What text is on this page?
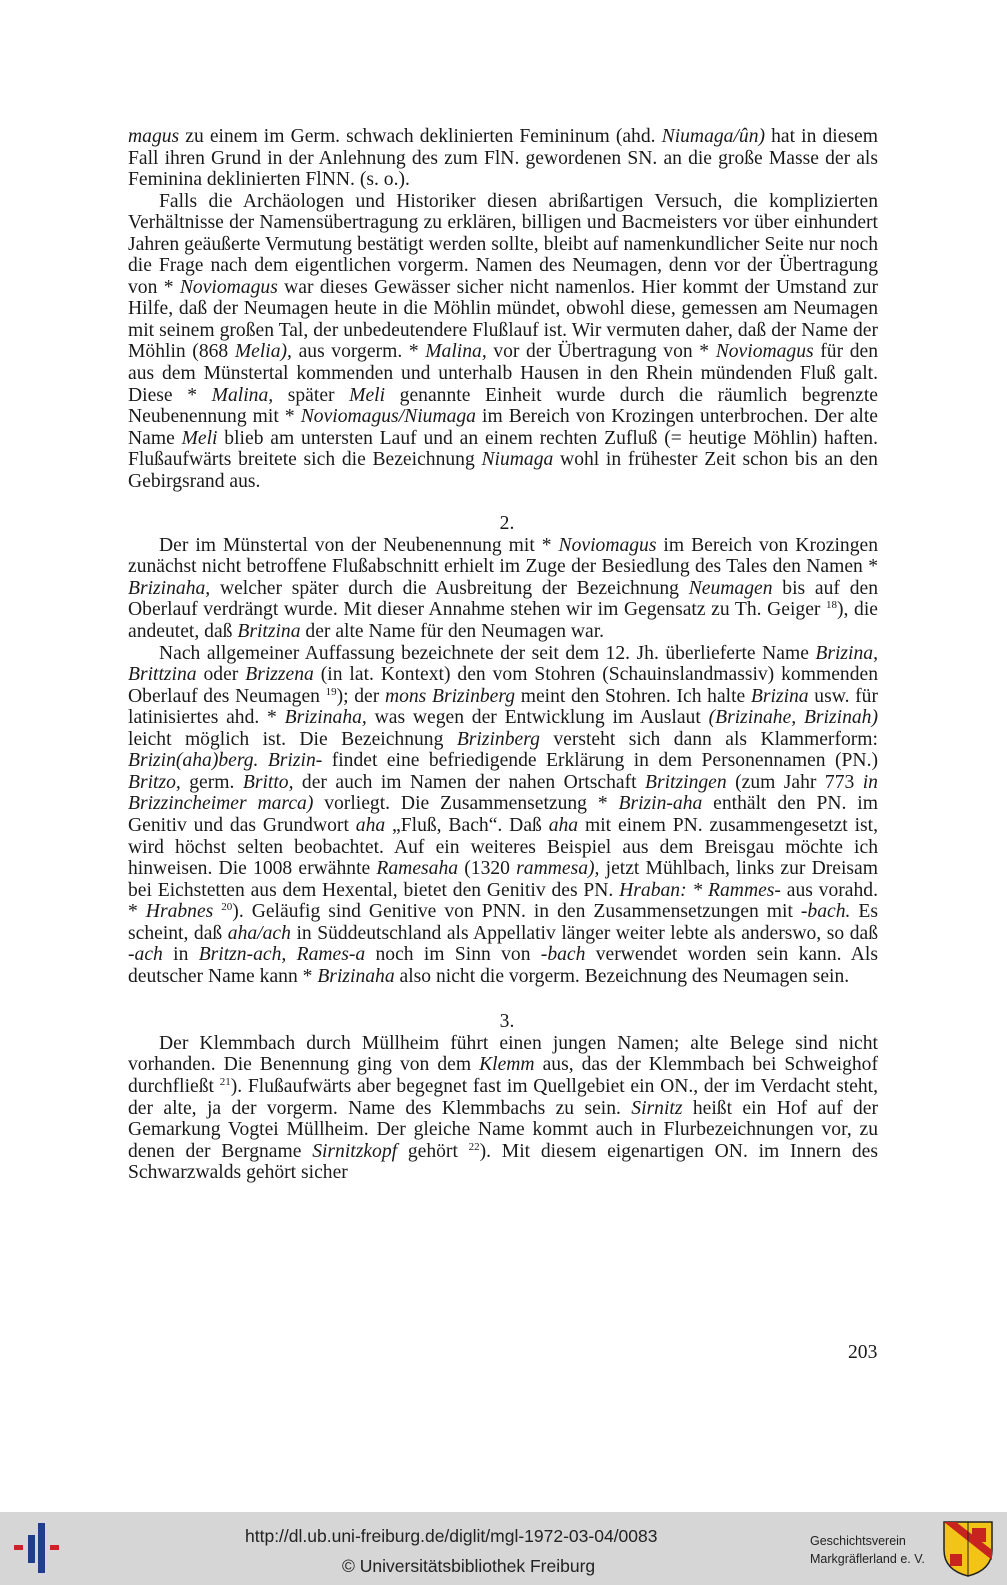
magus zu einem im Germ. schwach deklinierten Femininum (ahd. Niumaga/ûn) hat in diesem Fall ihren Grund in der Anlehnung des zum FlN. gewordenen SN. an die große Masse der als Feminina deklinierten FlNN. (s. o.).

Falls die Archäologen und Historiker diesen abrißartigen Versuch, die komplizierten Verhältnisse der Namensübertragung zu erklären, billigen und Bacmeisters vor über einhundert Jahren geäußerte Vermutung bestätigt werden sollte, bleibt auf namenkundlicher Seite nur noch die Frage nach dem eigentlichen vorgerm. Namen des Neumagen, denn vor der Übertragung von * Noviomagus war dieses Gewässer sicher nicht namenlos. Hier kommt der Umstand zur Hilfe, daß der Neumagen heute in die Möhlin mündet, obwohl diese, gemessen am Neumagen mit seinem großen Tal, der unbedeutendere Flußlauf ist. Wir vermuten daher, daß der Name der Möhlin (868 Melia), aus vorgerm. * Malina, vor der Übertragung von * Noviomagus für den aus dem Münstertal kommenden und unterhalb Hausen in den Rhein mündenden Fluß galt. Diese * Malina, später Meli genannte Einheit wurde durch die räumlich begrenzte Neubenennung mit * Noviomagus/Niumaga im Bereich von Krozingen unterbrochen. Der alte Name Meli blieb am untersten Lauf und an einem rechten Zufluß (= heutige Möhlin) haften. Flußaufwärts breitete sich die Bezeichnung Niumaga wohl in frühester Zeit schon bis an den Gebirgsrand aus.

2.

Der im Münstertal von der Neubenennung mit * Noviomagus im Bereich von Krozingen zunächst nicht betroffene Flußabschnitt erhielt im Zuge der Besiedlung des Tales den Namen * Brizinaha, welcher später durch die Ausbreitung der Bezeichnung Neumagen bis auf den Oberlauf verdrängt wurde. Mit dieser Annahme stehen wir im Gegensatz zu Th. Geiger $^{18}$), die andeutet, daß Britzina der alte Name für den Neumagen war.

Nach allgemeiner Auffassung bezeichnete der seit dem 12. Jh. überlieferte Name Brizina, Brittzina oder Brizzena (in lat. Kontext) den vom Stohren (Schauinslandmassiv) kommenden Oberlauf des Neumagen $^{19}$); der mons Brizinberg meint den Stohren. Ich halte Brizina usw. für latinisiertes ahd. * Brizinaha, was wegen der Entwicklung im Auslaut (Brizinahe, Brizinah) leicht möglich ist. Die Bezeichnung Brizinberg versteht sich dann als Klammerform: Brizin(aha)berg. Brizin- findet eine befriedigende Erklärung in dem Personennamen (PN.) Britzo, germ. Britto, der auch im Namen der nahen Ortschaft Britzingen (zum Jahr 773 in Brizzincheimer marca) vorliegt. Die Zusammensetzung * Brizin-aha enthält den PN. im Genitiv und das Grundwort aha „Fluß, Bach“. Daß aha mit einem PN. zusammengesetzt ist, wird höchst selten beobachtet. Auf ein weiteres Beispiel aus dem Breisgau möchte ich hinweisen. Die 1008 erwähnte Ramesaha (1320 rammesa), jetzt Mühlbach, links zur Dreisam bei Eichstetten aus dem Hexental, bietet den Genitiv des PN. Hraban: * Rammes- aus vorahd. * Hrabnes $^{20}$). Geläufig sind Genitive von PNN. in den Zusammensetzungen mit -bach. Es scheint, daß aha/ach in Süddeutschland als Appellativ länger weiter lebte als anderswo, so daß -ach in Britzn-ach, Rames-a noch im Sinn von -bach verwendet worden sein kann. Als deutscher Name kann * Brizinaha also nicht die vorgerm. Bezeichnung des Neumagen sein.

3.

Der Klemmbach durch Müllheim führt einen jungen Namen; alte Belege sind nicht vorhanden. Die Benennung ging von dem Klemm aus, das der Klemmbach bei Schweighof durchfließt $^{21}$). Flußaufwärts aber begegnet fast im Quellgebiet ein ON., der im Verdacht steht, der alte, ja der vorgerm. Name des Klemmbachs zu sein. Sirnitz heißt ein Hof auf der Gemarkung Vogtei Müllheim. Der gleiche Name kommt auch in Flurbezeichnungen vor, zu denen der Bergname Sirnitzkopf gehört $^{22}$). Mit diesem eigenartigen ON. im Innern des Schwarzwalds gehört sicher

203
http://dl.ub.uni-freiburg.de/diglit/mgl-1972-03-04/0083
© Universitätsbibliothek Freiburg
Geschichtsverein
Markgräflerland e. V.
